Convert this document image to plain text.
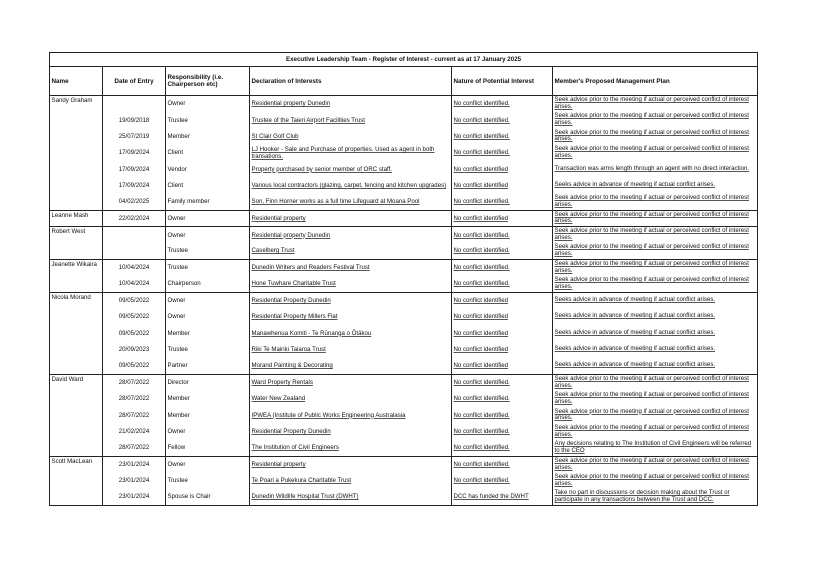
Executive Leadership Team - Register of Interest - current as at 17 January 2025					
Name	Date of Entry	Responsibility (i.e. Chairperson etc)	Declaration of Interests	Nature of Potential Interest	Member's Proposed Management Plan
Sandy Graham		Owner	Residential property Dunedin	No conflict identified.	Seek advice prior to the meeting if actual or perceived conflict of interest arises.
	19/09/2018	Trustee	Trustee of the Taieri Airport Facilities Trust	No conflict identified.	Seek advice prior to the meeting if actual or perceived conflict of interest arises.
	25/07/2019	Member	St Clair Golf Club	No conflict identified.	Seek advice prior to the meeting if actual or perceived conflict of interest arises.
	17/09/2024	Client	LJ Hooker - Sale and Purchase of properties. Used as agent in both transations.	No conflict identified.	Seek advice prior to the meeting if actual or perceived conflict of interest arises.
	17/09/2024	Vendor	Property purchased by senior member of ORC staff.	No conflict identified	Transaction was arms length through an agent with no direct interaction.
	17/09/2024	Client	Various local contractors (glazing, carpet, fencing and kitchen upgrades)	No conflict identified	Seeks advice in advance of meeting if actual conflict arises.
	04/02/2025	Family member	Son, Finn Horner works as a full time Lifeguard at Moana Pool	No conflict identified.	Seek advice prior to the meeting if actual or perceived conflict of interest arises.
Leanne Mash	22/02/2024	Owner	Residential property	No conflict identified	Seek advice prior to the meeting if actual or perceived conflict of interest arises.
Robert West		Owner	Residential property Dunedin	No conflict identified.	Seek advice prior to the meeting if actual or perceived conflict of interest arises.
		Trustee	Caselberg Trust	No conflict identified.	Seek advice prior to the meeting if actual or perceived conflict of interest arises.
Jeanette Wikaira	10/04/2024	Trustee	Dunedin Writers and Readers Festival Trust	No conflict identified.	Seek advice prior to the meeting if actual or perceived conflict of interest arises.
	10/04/2024	Chairperson	Hone Tuwhare Charitable Trust	No conflict identified.	Seek advice prior to the meeting if actual or perceived conflict of interest arises.
Nicola Morand	09/05/2022	Owner	Residential Property Dunedin	No conflict identified	Seeks advice in advance of meeting if actual conflict arises.
	09/05/2022	Owner	Residential Property Millers Flat	No conflict identified	Seeks advice in advance of meeting if actual conflict arises.
	09/05/2022	Member	Manawhenua Komiti - Te Rūnanga o Ōtākou	No conflict identified	Seeks advice in advance of meeting if actual conflict arises.
	20/09/2023	Trustee	Riki Te Mairiki Taiaroa Trust	No conflict identified	Seeks advice in advance of meeting if actual conflict arises.
	09/05/2022	Partner	Morand Painting & Decorating	No conflict identified	Seeks advice in advance of meeting if actual conflict arises.
David Ward	28/07/2022	Director	Ward Property Rentals	No conflict identified.	Seek advice prior to the meeting if actual or perceived conflict of interest arises.
	28/07/2022	Member	Water New Zealand	No conflict identified.	Seek advice prior to the meeting if actual or perceived conflict of interest arises.
	28/07/2022	Member	IPWEA (Institute of Public Works Engineering Australasia	No conflict identified.	Seek advice prior to the meeting if actual or perceived conflict of interest arises.
	21/02/2024	Owner	Residential Property Dunedin	No conflict identified.	Seek advice prior to the meeting if actual or perceived conflict of interest arises.
	28/07/2022	Fellow	The Institution of Civil Engineers	No conflict identified.	Any decisions relating to The Institution of Civil Engineers will be referred to the CEO
Scott MacLean	23/01/2024	Owner	Residential property	No conflict identified.	Seek advice prior to the meeting if actual or perceived conflict of interest arises.
	23/01/2024	Trustee	Te Poari a Pukekura Charitable Trust	No conflict identified.	Seek advice prior to the meeting if actual or perceived conflict of interest arises.
	23/01/2024	Spouse is Chair	Dunedin Wildlife Hospital Trust (DWHT)	DCC has funded the DWHT	Take no part in discussions or decision making about the Trust or participate in any transactions between the Trust and DCC.
